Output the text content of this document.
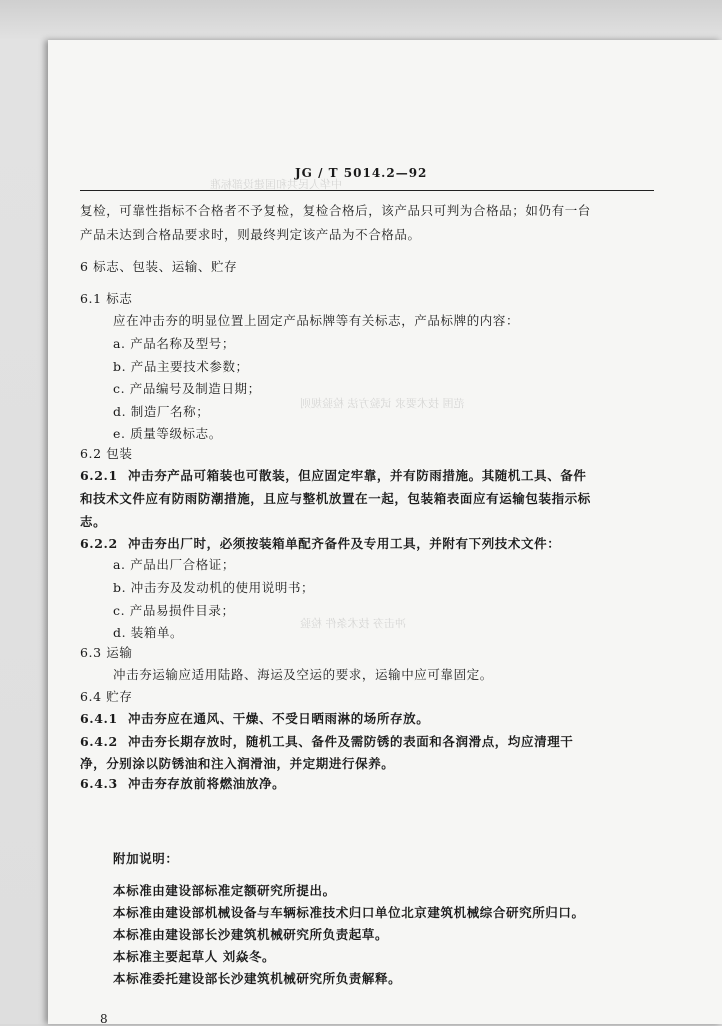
中华人民共和国建设部标准
范围 技术要求 试验方法 检验规则
冲击夯 技术条件 检验
JG / T 5014.2—92
复检，可靠性指标不合格者不予复检，复检合格后，该产品只可判为合格品；如仍有一台
产品未达到合格品要求时，则最终判定该产品为不合格品。
6 标志、包装、运输、贮存
6.1 标志
应在冲击夯的明显位置上固定产品标牌等有关标志，产品标牌的内容：
a. 产品名称及型号；
b. 产品主要技术参数；
c. 产品编号及制造日期；
d. 制造厂名称；
e. 质量等级标志。
6.2 包装
6.2.1 冲击夯产品可箱装也可散装，但应固定牢靠，并有防雨措施。其随机工具、备件
和技术文件应有防雨防潮措施，且应与整机放置在一起，包装箱表面应有运输包装指示标
志。
6.2.2 冲击夯出厂时，必须按装箱单配齐备件及专用工具，并附有下列技术文件：
a. 产品出厂合格证；
b. 冲击夯及发动机的使用说明书；
c. 产品易损件目录；
d. 装箱单。
6.3 运输
冲击夯运输应适用陆路、海运及空运的要求，运输中应可靠固定。
6.4 贮存
6.4.1 冲击夯应在通风、干燥、不受日晒雨淋的场所存放。
6.4.2 冲击夯长期存放时，随机工具、备件及需防锈的表面和各润滑点，均应清理干
净，分别涂以防锈油和注入润滑油，并定期进行保养。
6.4.3 冲击夯存放前将燃油放净。
附加说明：
本标准由建设部标准定额研究所提出。
本标准由建设部机械设备与车辆标准技术归口单位北京建筑机械综合研究所归口。
本标准由建设部长沙建筑机械研究所负责起草。
本标准主要起草人 刘焱冬。
本标准委托建设部长沙建筑机械研究所负责解释。
8
